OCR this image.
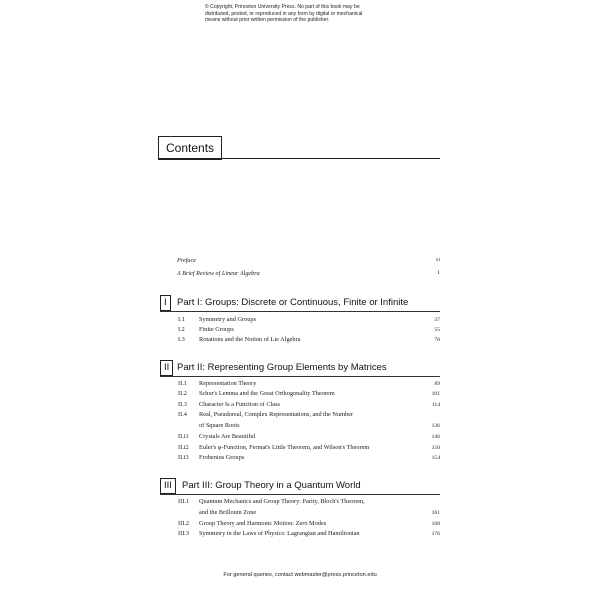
© Copyright, Princeton University Press. No part of this book may be
distributed, posted, or reproduced in any form by digital or mechanical
means without prior written permission of the publisher.
Contents
Preface	xi
A Brief Review of Linear Algebra	1
I	Part I: Groups: Discrete or Continuous, Finite or Infinite
I.1 Symmetry and Groups	37
I.2 Finite Groups	55
I.3 Rotations and the Notion of Lie Algebra	70
II Part II: Representing Group Elements by Matrices
II.1 Representation Theory	89
II.2 Schur's Lemma and the Great Orthogonality Theorem	101
II.3 Character Is a Function of Class	114
II.4 Real, Pseudoreal, Complex Representations, and the Number
of Square Roots	136
II.i1 Crystals Are Beautiful	146
II.i2 Euler's φ-Function, Fermat's Little Theorem, and Wilson's Theorem	150
II.i3 Frobenius Groups	154
III	Part III: Group Theory in a Quantum World
III.1 Quantum Mechanics and Group Theory: Parity, Bloch's Theorem,
and the Brillouin Zone	161
III.2 Group Theory and Harmonic Motion: Zero Modes	168
III.3 Symmetry in the Laws of Physics: Lagrangian and Hamiltonian	176
For general queries, contact webmaster@press.princeton.edu
